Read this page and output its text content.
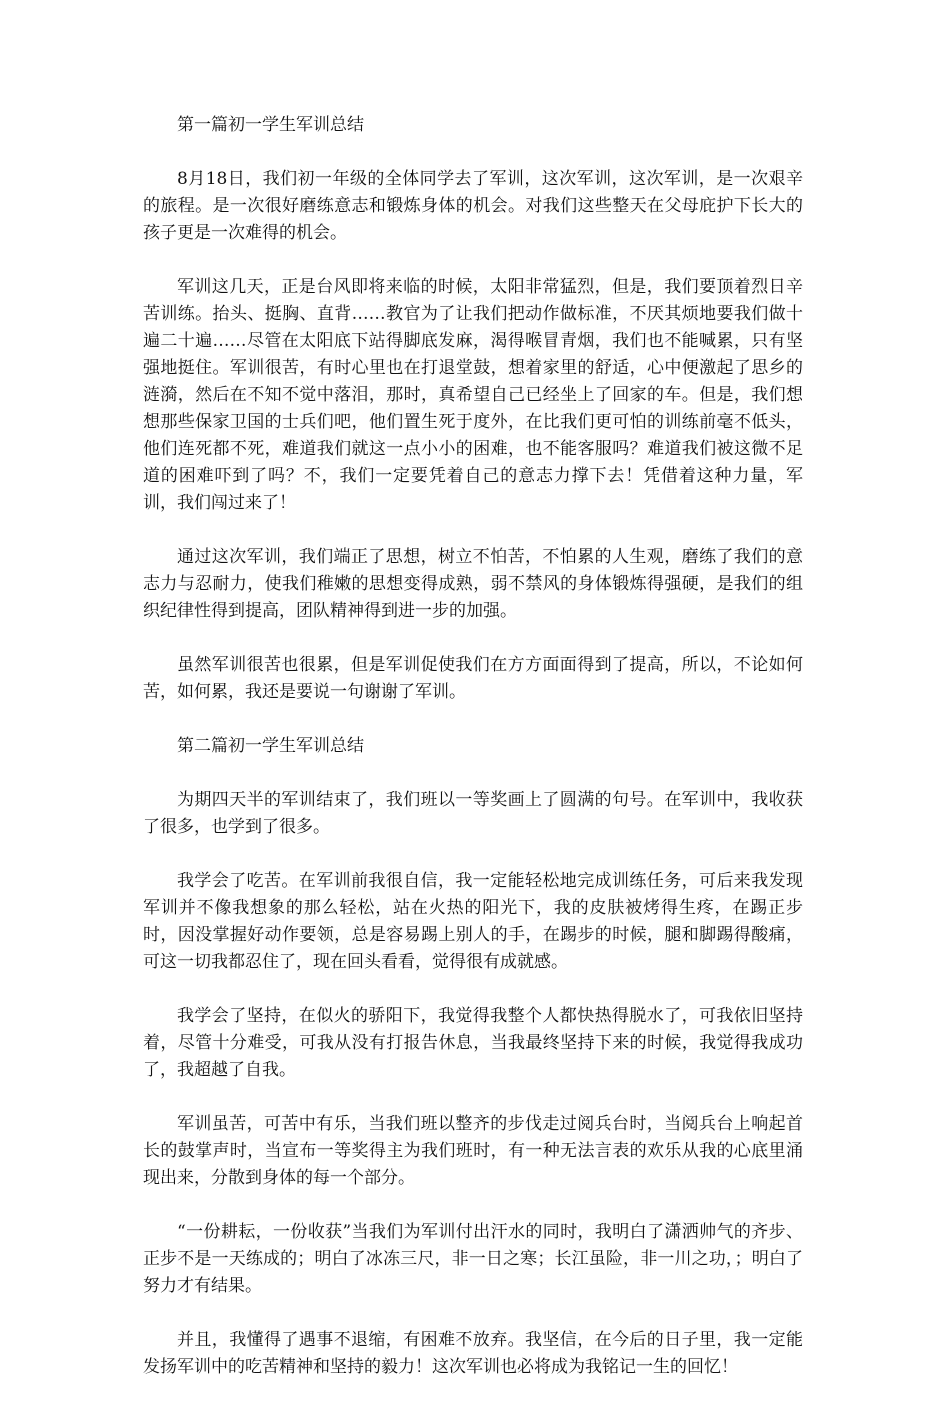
第一篇初一学生军训总结

8月18日，我们初一年级的全体同学去了军训，这次军训，这次军训，是一次艰辛的旅程。是一次很好磨练意志和锻炼身体的机会。对我们这些整天在父母庇护下长大的孩子更是一次难得的机会。

军训这几天，正是台风即将来临的时候，太阳非常猛烈，但是，我们要顶着烈日辛苦训练。抬头、挺胸、直背……教官为了让我们把动作做标准，不厌其烦地要我们做十遍二十遍……尽管在太阳底下站得脚底发麻，渴得喉冒青烟，我们也不能喊累，只有坚强地挺住。军训很苦，有时心里也在打退堂鼓，想着家里的舒适，心中便激起了思乡的涟漪，然后在不知不觉中落泪，那时，真希望自己已经坐上了回家的车。但是，我们想想那些保家卫国的士兵们吧，他们置生死于度外，在比我们更可怕的训练前毫不低头，他们连死都不死，难道我们就这一点小小的困难，也不能客服吗？难道我们被这微不足道的困难吓到了吗？不，我们一定要凭着自己的意志力撑下去！凭借着这种力量，军训，我们闯过来了！

通过这次军训，我们端正了思想，树立不怕苦，不怕累的人生观，磨练了我们的意志力与忍耐力，使我们稚嫩的思想变得成熟，弱不禁风的身体锻炼得强硬，是我们的组织纪律性得到提高，团队精神得到进一步的加强。

虽然军训很苦也很累，但是军训促使我们在方方面面得到了提高，所以，不论如何苦，如何累，我还是要说一句谢谢了军训。

第二篇初一学生军训总结

为期四天半的军训结束了，我们班以一等奖画上了圆满的句号。在军训中，我收获了很多，也学到了很多。

我学会了吃苦。在军训前我很自信，我一定能轻松地完成训练任务，可后来我发现军训并不像我想象的那么轻松，站在火热的阳光下，我的皮肤被烤得生疼，在踢正步时，因没掌握好动作要领，总是容易踢上别人的手，在踢步的时候，腿和脚踢得酸痛，可这一切我都忍住了，现在回头看看，觉得很有成就感。

我学会了坚持，在似火的骄阳下，我觉得我整个人都快热得脱水了，可我依旧坚持着，尽管十分难受，可我从没有打报告休息，当我最终坚持下来的时候，我觉得我成功了，我超越了自我。

军训虽苦，可苦中有乐，当我们班以整齐的步伐走过阅兵台时，当阅兵台上响起首长的鼓掌声时，当宣布一等奖得主为我们班时，有一种无法言表的欢乐从我的心底里涌现出来，分散到身体的每一个部分。

“一份耕耘，一份收获”当我们为军训付出汗水的同时，我明白了潇洒帅气的齐步、正步不是一天练成的；明白了冰冻三尺，非一日之寒；长江虽险，非一川之功，；明白了努力才有结果。

并且，我懂得了遇事不退缩，有困难不放弃。我坚信，在今后的日子里，我一定能发扬军训中的吃苦精神和坚持的毅力！这次军训也必将成为我铭记一生的回忆！
